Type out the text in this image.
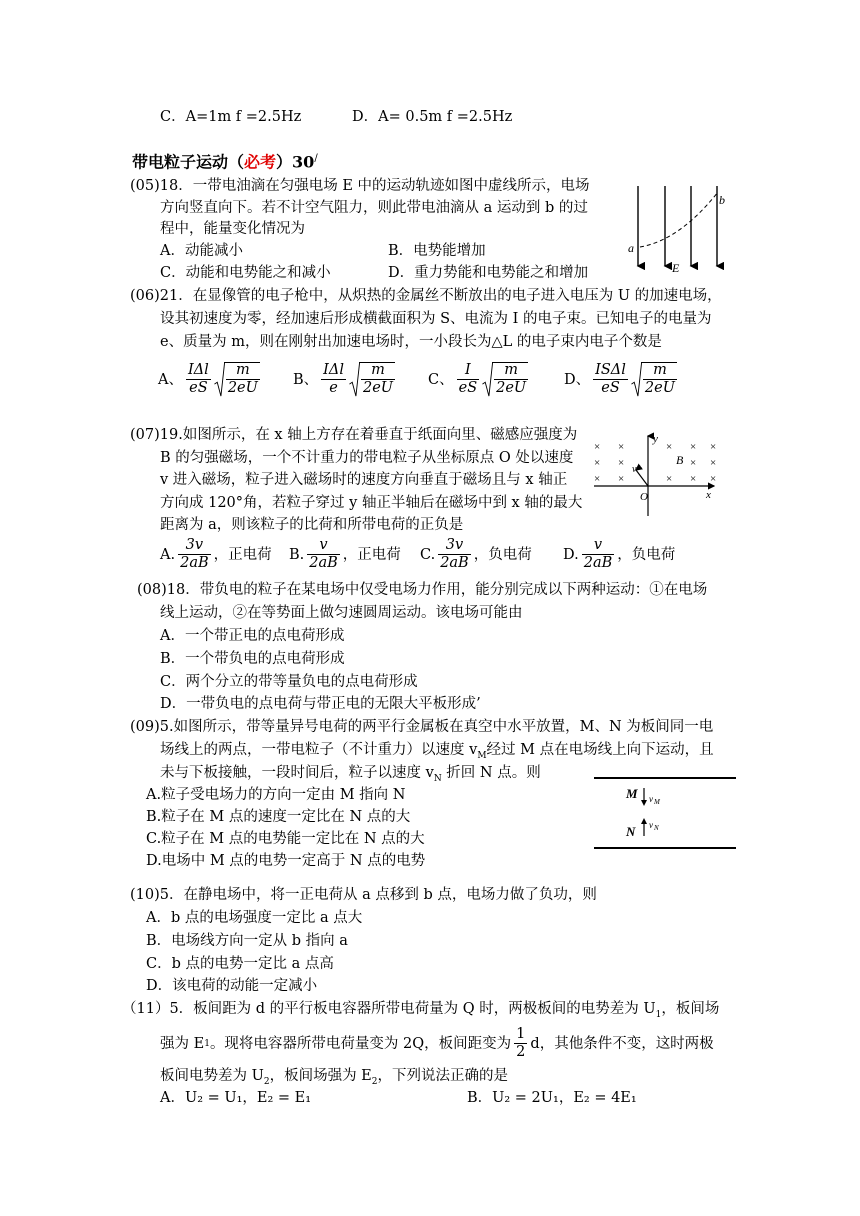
C．A=1m f =2.5Hz	D．A= 0.5m f =2.5Hz
带电粒子运动（必考）30/
(05)18．一带电油滴在匀强电场 E 中的运动轨迹如图中虚线所示，电场
方向竖直向下。若不计空气阻力，则此带电油滴从 a 运动到 b 的过
程中，能量变化情况为
A．动能减小	B．电势能增加
C．动能和电势能之和减小	D．重力势能和电势能之和增加
a
b
E
(06)21．在显像管的电子枪中，从炽热的金属丝不断放出的电子进入电压为 U 的加速电场，
设其初速度为零，经加速后形成横截面积为 S、电流为 I 的电子束。已知电子的电量为
e、质量为 m，则在刚射出加速电场时，一小段长为△L 的电子束内电子个数是
A、 $\frac{\text{IΔl}}{eS} \frac{m}{2eU}$ B、 $\frac{\text{IΔl}}{e} \frac{m}{2eU}$ C、 $\frac{I}{eS} \frac{m}{2eU}$ D、 $\frac{\text{ISΔl}}{eS} \frac{m}{2eU}$
(07)19.如图所示，在 x 轴上方存在着垂直于纸面向里、磁感应强度为
B 的匀强磁场，一个不计重力的带电粒子从坐标原点 O 处以速度
v 进入磁场，粒子进入磁场时的速度方向垂直于磁场且与 x 轴正
方向成 120°角，若粒子穿过 y 轴正半轴后在磁场中到 x 轴的最大
距离为 a，则该粒子的比荷和所带电荷的正负是
A. $\frac{3v}{2aB}$ ，正电荷 B. $\frac{v}{2aB}$ ，正电荷 C. $\frac{3v}{2aB}$ ，负电荷 D. $\frac{v}{2aB}$ ，负电荷
× ×	× × ×
× ×	× ×
× ×	× × ×
y
x
O
B
v
(08)18．带负电的粒子在某电场中仅受电场力作用，能分别完成以下两种运动：①在电场
线上运动，②在等势面上做匀速圆周运动。该电场可能由
A．一个带正电的点电荷形成
B．一个带负电的点电荷形成
C．两个分立的带等量负电的点电荷形成
D．一带负电的点电荷与带正电的无限大平板形成’
(09)5.如图所示，带等量异号电荷的两平行金属板在真空中水平放置，M、N 为板间同一电
场线上的两点，一带电粒子（不计重力）以速度 $v_M$经过 M 点在电场线上向下运动，且
未与下板接触，一段时间后，粒子以速度 $v_N$ 折回 N 点。则
A.粒子受电场力的方向一定由 M 指向 N
B.粒子在 M 点的速度一定比在 N 点的大
C.粒子在 M 点的电势能一定比在 N 点的大
D.电场中 M 点的电势一定高于 N 点的电势
M
N
v M
v N
(10)5．在静电场中，将一正电荷从 a 点移到 b 点，电场力做了负功，则
A．b 点的电场强度一定比 a 点大
B．电场线方向一定从 b 指向 a
C．b 点的电势一定比 a 点高
D．该电荷的动能一定减小
（11）5．板间距为 d 的平行板电容器所带电荷量为 Q 时，两极板间的电势差为 $U_1$，板间场
强为 E 1 。现将电容器所带电荷量变为 2Q，板间距变为 $\frac{1}{2}$ d，其他条件不变，这时两极
板间电势差为 $U_2$，板间场强为 $E_2$，下列说法正确的是
A．U₂ = U₁，E₂ = E₁	B．U₂ = 2U₁，E₂ = 4E₁
